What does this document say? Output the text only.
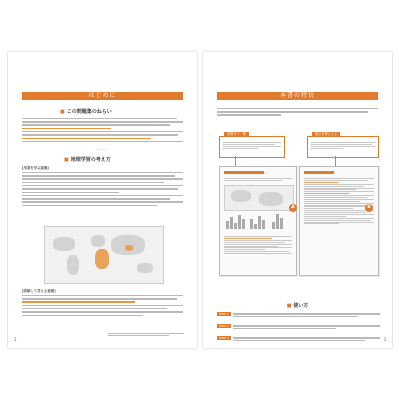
はじめに
■ この問題集のねらい
・・・
■ 地理学習の考え方
[用語を学ぶ意義]
[図解して考える意義]
2
本書の特長
見開きで一問	要点を押さえる
A	B
■ 使い方
STEP 1
STEP 2
STEP 3	3
